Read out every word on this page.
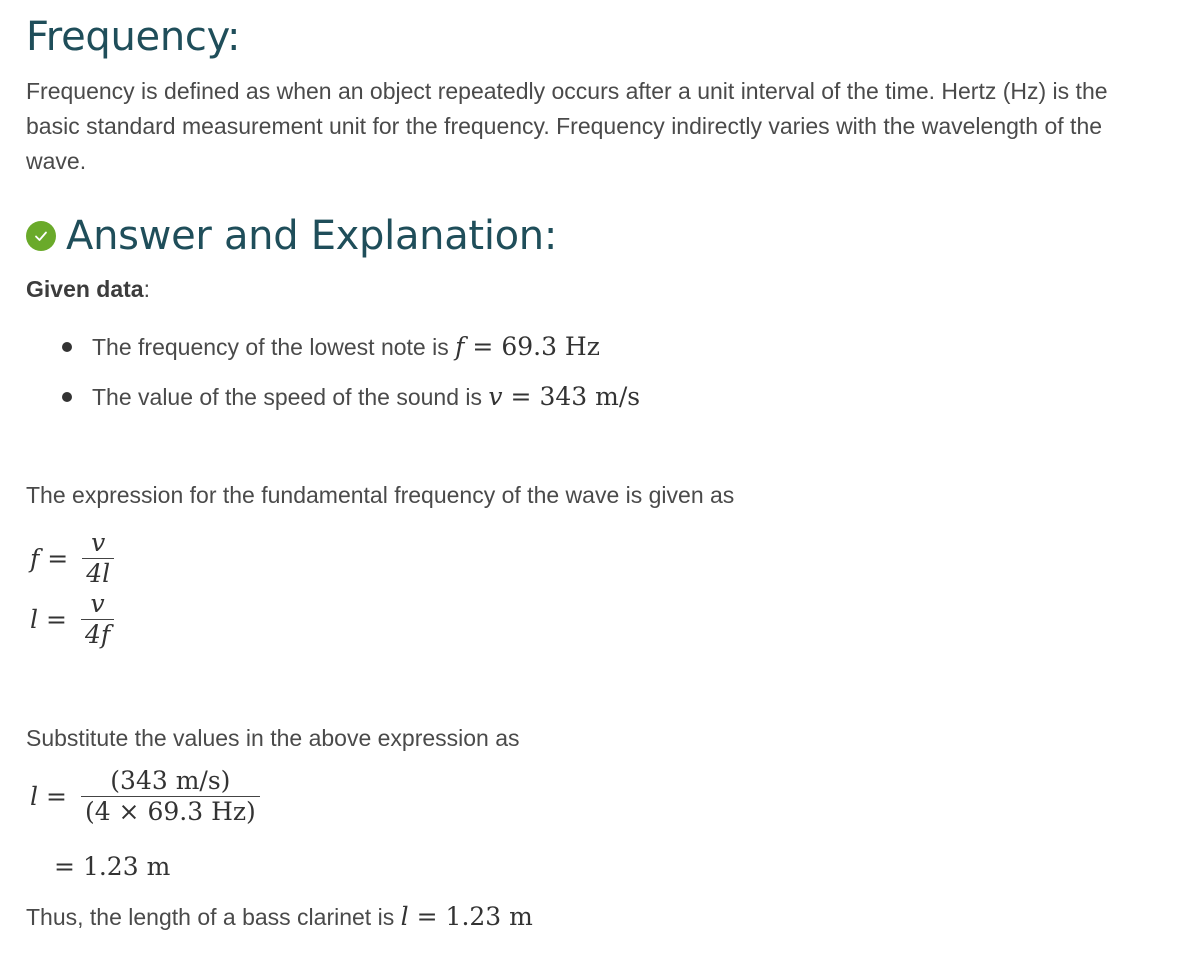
Frequency:

Frequency is defined as when an object repeatedly occurs after a unit interval of the time. Hertz (Hz) is the basic standard measurement unit for the frequency. Frequency indirectly varies with the wavelength of the wave.

Answer and Explanation:
Given data:
The frequency of the lowest note is
f = 69.3 Hz
The value of the speed of the sound is
v = 343 m/s
The expression for the fundamental frequency of the wave is given as
$f = \frac{v}{4l}$
$l = \frac{v}{4f}$
Substitute the values in the above expression as
$l = \frac{(343 m/s)}{(4 \times 69.3 Hz)}$
= 1.23 m
Thus, the length of a bass clarinet is l = 1.23 m
